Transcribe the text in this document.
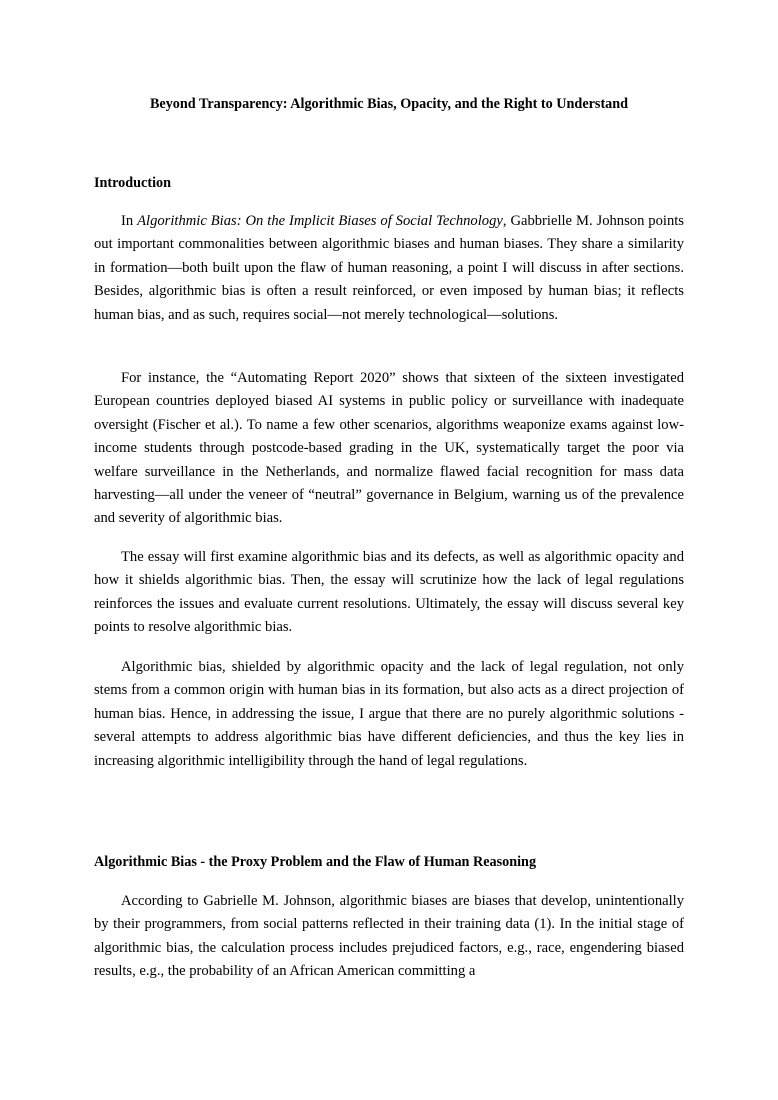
Beyond Transparency: Algorithmic Bias, Opacity, and the Right to Understand
Introduction

In Algorithmic Bias: On the Implicit Biases of Social Technology, Gabbrielle M. Johnson points out important commonalities between algorithmic biases and human biases. They share a similarity in formation—both built upon the flaw of human reasoning, a point I will discuss in after sections. Besides, algorithmic bias is often a result reinforced, or even imposed by human bias; it reflects human bias, and as such, requires social—not merely technological—solutions.

For instance, the “Automating Report 2020” shows that sixteen of the sixteen investigated European countries deployed biased AI systems in public policy or surveillance with inadequate oversight (Fischer et al.). To name a few other scenarios, algorithms weaponize exams against low-income students through postcode-based grading in the UK, systematically target the poor via welfare surveillance in the Netherlands, and normalize flawed facial recognition for mass data harvesting—all under the veneer of “neutral” governance in Belgium, warning us of the prevalence and severity of algorithmic bias.

The essay will first examine algorithmic bias and its defects, as well as algorithmic opacity and how it shields algorithmic bias. Then, the essay will scrutinize how the lack of legal regulations reinforces the issues and evaluate current resolutions. Ultimately, the essay will discuss several key points to resolve algorithmic bias.

Algorithmic bias, shielded by algorithmic opacity and the lack of legal regulation, not only stems from a common origin with human bias in its formation, but also acts as a direct projection of human bias. Hence, in addressing the issue, I argue that there are no purely algorithmic solutions - several attempts to address algorithmic bias have different deficiencies, and thus the key lies in increasing algorithmic intelligibility through the hand of legal regulations.

Algorithmic Bias - the Proxy Problem and the Flaw of Human Reasoning

According to Gabrielle M. Johnson, algorithmic biases are biases that develop, unintentionally by their programmers, from social patterns reflected in their training data (1). In the initial stage of algorithmic bias, the calculation process includes prejudiced factors, e.g., race, engendering biased results, e.g., the probability of an African American committing a
